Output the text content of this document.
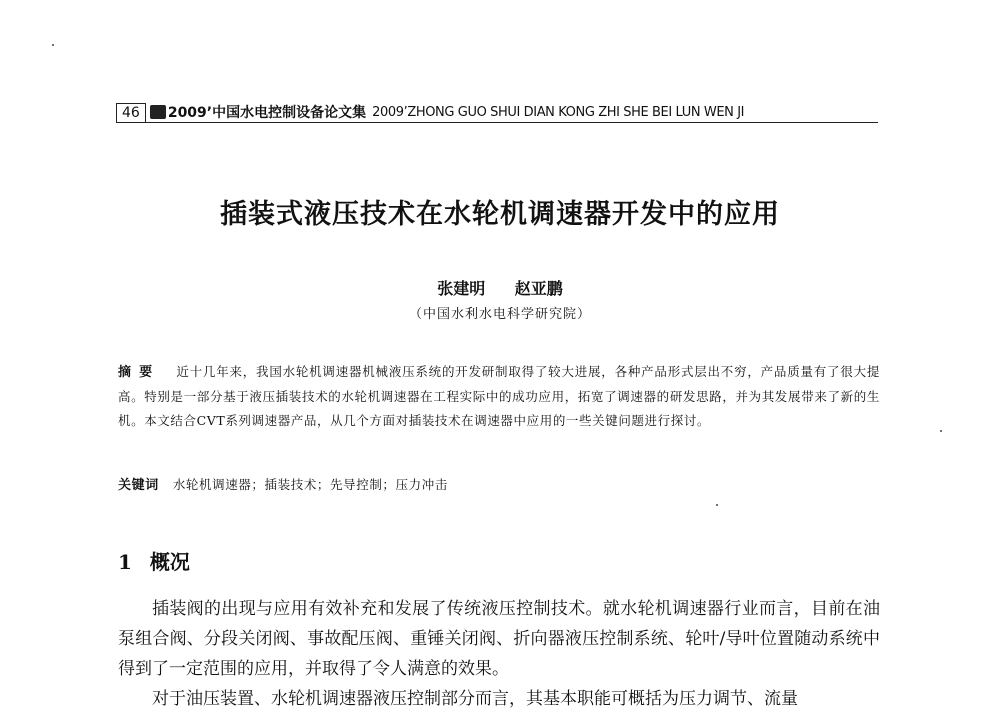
46	2009’中国水电控制设备论文集 2009’ZHONG GUO SHUI DIAN KONG ZHI SHE BEI LUN WEN JI
插装式液压技术在水轮机调速器开发中的应用
张建明 赵亚鹏
（中国水利水电科学研究院）
摘要 近十几年来，我国水轮机调速器机械液压系统的开发研制取得了较大进展，各种产品形式层出不穷，产品质量有了很大提高。特别是一部分基于液压插装技术的水轮机调速器在工程实际中的成功应用，拓宽了调速器的研发思路，并为其发展带来了新的生机。本文结合CVT系列调速器产品，从几个方面对插装技术在调速器中应用的一些关键问题进行探讨。
关键词 水轮机调速器；插装技术；先导控制；压力冲击
1 概况

插装阀的出现与应用有效补充和发展了传统液压控制技术。就水轮机调速器行业而言，目前在油泵组合阀、分段关闭阀、事故配压阀、重锤关闭阀、折向器液压控制系统、轮叶/导叶位置随动系统中得到了一定范围的应用，并取得了令人满意的效果。

对于油压装置、水轮机调速器液压控制部分而言，其基本职能可概括为压力调节、流量
